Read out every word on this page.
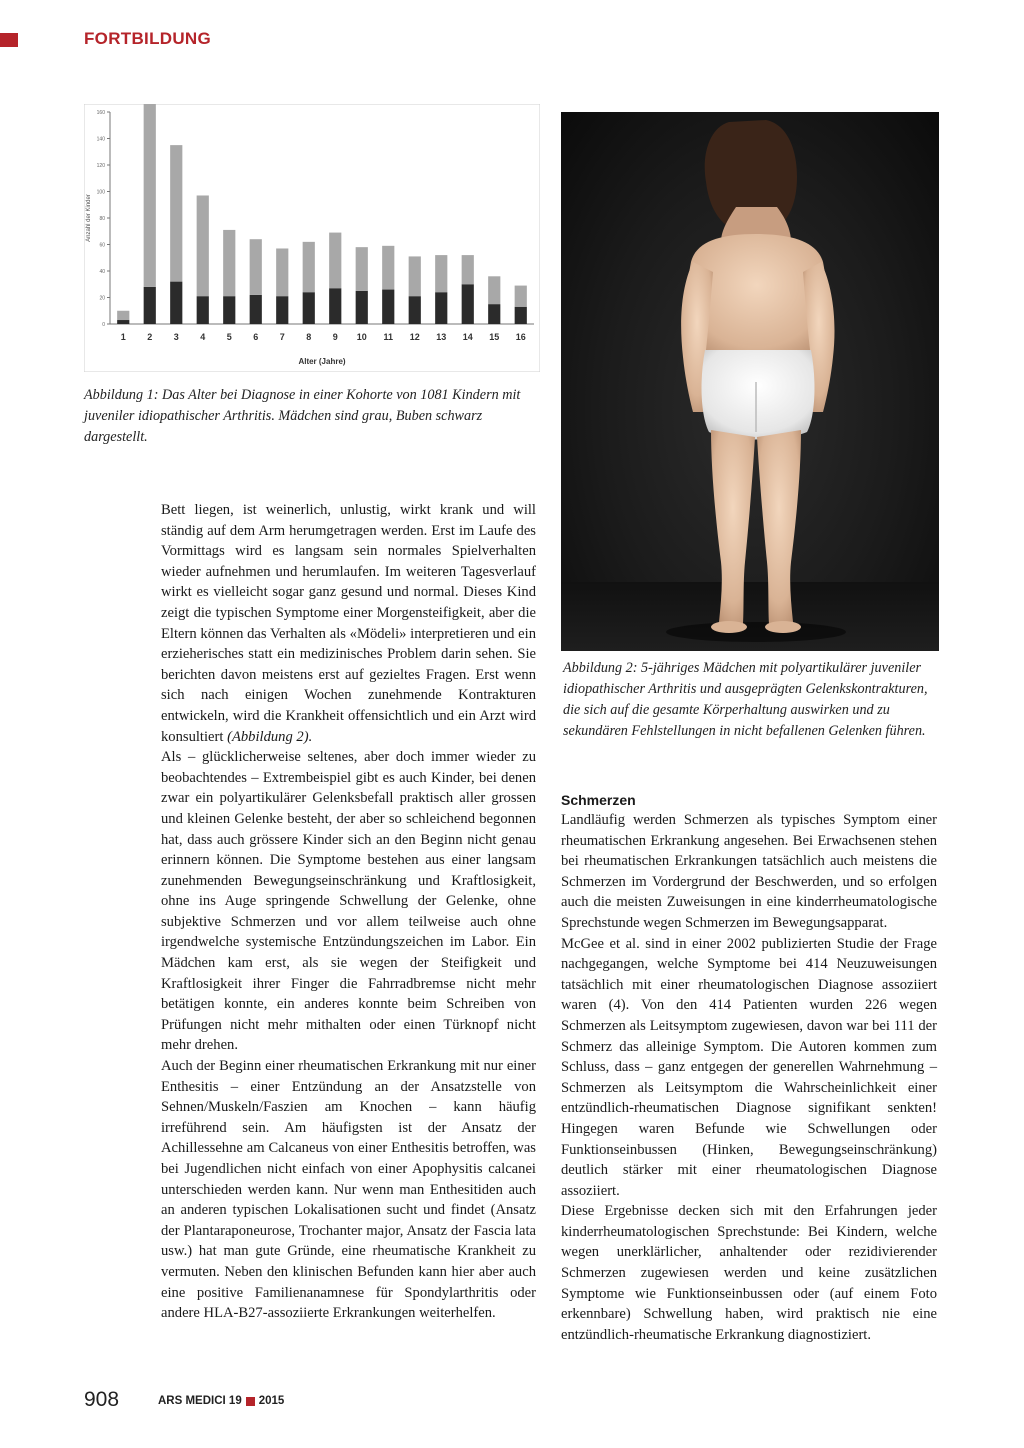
FORTBILDUNG
0
20
40
60
80
100
120
140
160
1 2 3 4 5 6 7 8 9 10 11 12 13 14 15 16
Alter (Jahre)
Anzahl der Kinder

Abbildung 1: Das Alter bei Diagnose in einer Kohorte von 1081 Kindern mit juveniler idiopathischer Arthritis. Mädchen sind grau, Buben schwarz dargestellt.

Abbildung 2: 5-jähriges Mädchen mit polyartikulärer juveniler idiopathischer Arthritis und ausgeprägten Gelenkskontrakturen, die sich auf die gesamte Körperhaltung auswirken und zu sekundären Fehlstellungen in nicht befallenen Gelenken führen.

Bett liegen, ist weinerlich, unlustig, wirkt krank und will ständig auf dem Arm herumgetragen werden. Erst im Laufe des Vormittags wird es langsam sein normales Spielverhalten wieder aufnehmen und herumlaufen. Im weiteren Tagesverlauf wirkt es vielleicht sogar ganz gesund und normal. Dieses Kind zeigt die typischen Symptome einer Morgensteifigkeit, aber die Eltern können das Verhalten als «Mödeli» interpretieren und ein erzieherisches statt ein medizinisches Problem darin sehen. Sie berichten davon meistens erst auf gezieltes Fragen. Erst wenn sich nach einigen Wochen zunehmende Kontrakturen entwickeln, wird die Krankheit offensichtlich und ein Arzt wird konsultiert (Abbildung 2).

Als – glücklicherweise seltenes, aber doch immer wieder zu beobachtendes – Extrembeispiel gibt es auch Kinder, bei denen zwar ein polyartikulärer Gelenksbefall praktisch aller grossen und kleinen Gelenke besteht, der aber so schleichend begonnen hat, dass auch grössere Kinder sich an den Beginn nicht genau erinnern können. Die Symptome bestehen aus einer langsam zunehmenden Bewegungseinschränkung und Kraftlosigkeit, ohne ins Auge springende Schwellung der Gelenke, ohne subjektive Schmerzen und vor allem teilweise auch ohne irgendwelche systemische Entzündungszeichen im Labor. Ein Mädchen kam erst, als sie wegen der Steifigkeit und Kraftlosigkeit ihrer Finger die Fahrradbremse nicht mehr betätigen konnte, ein anderes konnte beim Schreiben von Prüfungen nicht mehr mithalten oder einen Türknopf nicht mehr drehen.

Auch der Beginn einer rheumatischen Erkrankung mit nur einer Enthesitis – einer Entzündung an der Ansatzstelle von Sehnen/Muskeln/Faszien am Knochen – kann häufig irreführend sein. Am häufigsten ist der Ansatz der Achillessehne am Calcaneus von einer Enthesitis betroffen, was bei Jugendlichen nicht einfach von einer Apophysitis calcanei unterschieden werden kann. Nur wenn man Enthesitiden auch an anderen typischen Lokalisationen sucht und findet (Ansatz der Plantaraponeurose, Trochanter major, Ansatz der Fascia lata usw.) hat man gute Gründe, eine rheumatische Krankheit zu vermuten. Neben den klinischen Befunden kann hier aber auch eine positive Familienanamnese für Spondylarthritis oder andere HLA-B27-assoziierte Erkrankungen weiterhelfen.

Schmerzen

Landläufig werden Schmerzen als typisches Symptom einer rheumatischen Erkrankung angesehen. Bei Erwachsenen stehen bei rheumatischen Erkrankungen tatsächlich auch meistens die Schmerzen im Vordergrund der Beschwerden, und so erfolgen auch die meisten Zuweisungen in eine kinderrheumatologische Sprechstunde wegen Schmerzen im Bewegungsapparat.

McGee et al. sind in einer 2002 publizierten Studie der Frage nachgegangen, welche Symptome bei 414 Neuzuweisungen tatsächlich mit einer rheumatologischen Diagnose assoziiert waren (4). Von den 414 Patienten wurden 226 wegen Schmerzen als Leitsymptom zugewiesen, davon war bei 111 der Schmerz das alleinige Symptom. Die Autoren kommen zum Schluss, dass – ganz entgegen der generellen Wahrnehmung – Schmerzen als Leitsymptom die Wahrscheinlichkeit einer entzündlich-rheumatischen Diagnose signifikant senkten! Hingegen waren Befunde wie Schwellungen oder Funktionseinbussen (Hinken, Bewegungseinschränkung) deutlich stärker mit einer rheumatologischen Diagnose assoziiert.

Diese Ergebnisse decken sich mit den Erfahrungen jeder kinderrheumatologischen Sprechstunde: Bei Kindern, welche wegen unerklärlicher, anhaltender oder rezidivierender Schmerzen zugewiesen werden und keine zusätzlichen Symptome wie Funktionseinbussen oder (auf einem Foto erkennbare) Schwellung haben, wird praktisch nie eine entzündlich-rheumatische Erkrankung diagnostiziert.

908	ARS MEDICI 19 2015
